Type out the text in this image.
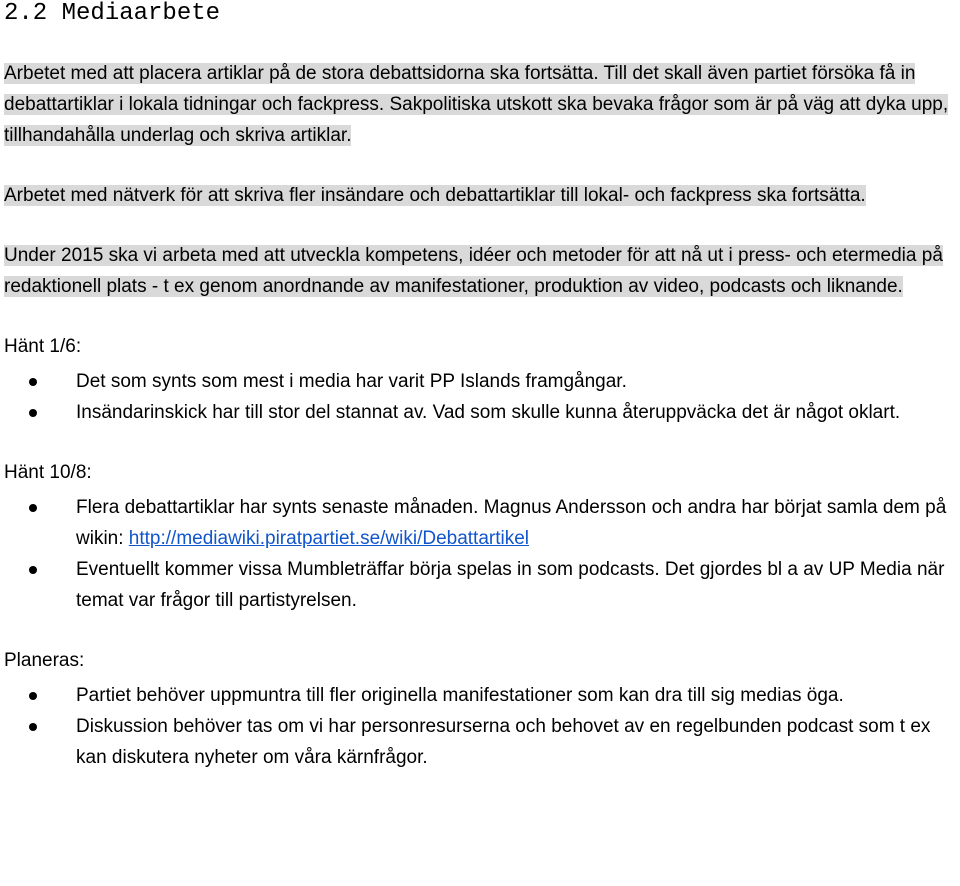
2.2 Mediaarbete

Arbetet med att placera artiklar på de stora debattsidorna ska fortsätta. Till det skall även partiet försöka få in debattartiklar i lokala tidningar och fackpress. Sakpolitiska utskott ska bevaka frågor som är på väg att dyka upp, tillhandahålla underlag och skriva artiklar.

Arbetet med nätverk för att skriva fler insändare och debattartiklar till lokal- och fackpress ska fortsätta.

Under 2015 ska vi arbeta med att utveckla kompetens, idéer och metoder för att nå ut i press- och etermedia på redaktionell plats - t ex genom anordnande av manifestationer, produktion av video, podcasts och liknande.

Hänt 1/6:

Det som synts som mest i media har varit PP Islands framgångar.
Insändarinskick har till stor del stannat av. Vad som skulle kunna återuppväcka det är något oklart.

Hänt 10/8:

Flera debattartiklar har synts senaste månaden. Magnus Andersson och andra har börjat samla dem på wikin: http://mediawiki.piratpartiet.se/wiki/Debattartikel
Eventuellt kommer vissa Mumbleträffar börja spelas in som podcasts. Det gjordes bl a av UP Media när temat var frågor till partistyrelsen.

Planeras:

Partiet behöver uppmuntra till fler originella manifestationer som kan dra till sig medias öga.
Diskussion behöver tas om vi har personresurserna och behovet av en regelbunden podcast som t ex kan diskutera nyheter om våra kärnfrågor.
